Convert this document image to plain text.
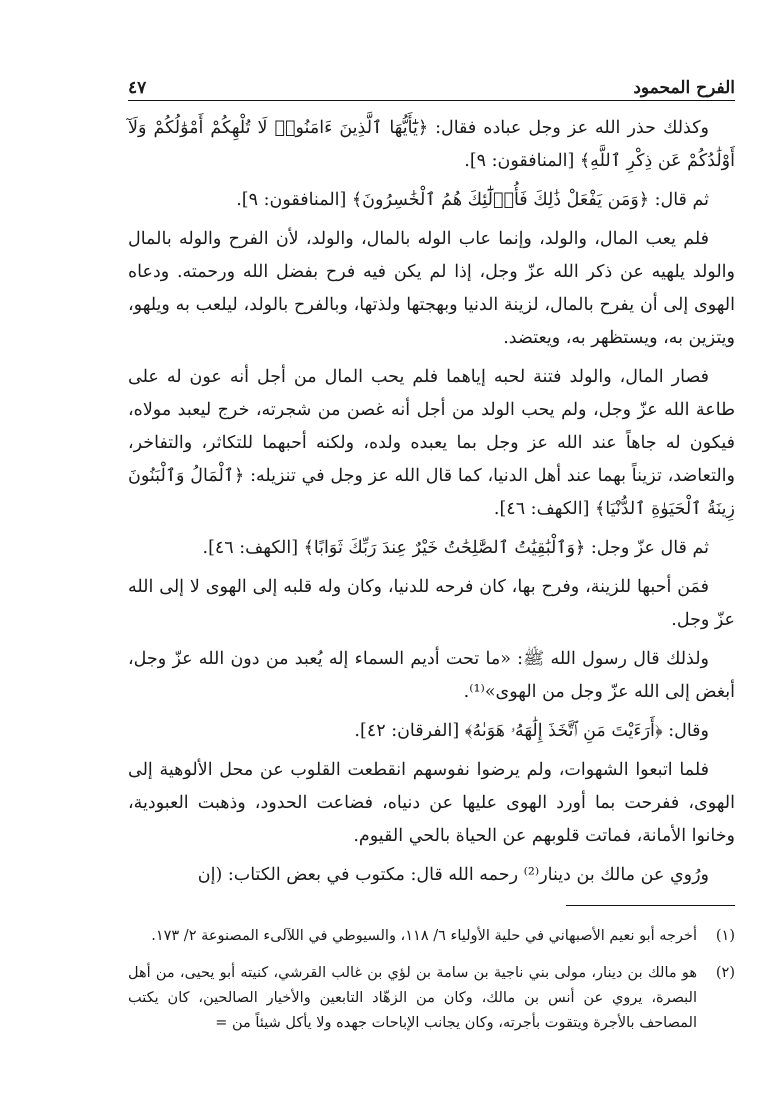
الفرح المحمود
٤٧

وكذلك حذر الله عز وجل عباده فقال: ﴿يَٰٓأَيُّهَا ٱلَّذِينَ ءَامَنُوا۟ لَا تُلْهِكُمْ أَمْوَٰلُكُمْ وَلَآ أَوْلَٰدُكُمْ عَن ذِكْرِ ٱللَّهِ﴾ [المنافقون: ٩].

ثم قال: ﴿وَمَن يَفْعَلْ ذَٰلِكَ فَأُو۟لَٰٓئِكَ هُمُ ٱلْخَٰسِرُونَ﴾ [المنافقون: ٩].

فلم يعب المال، والولد، وإنما عاب الوله بالمال، والولد، لأن الفرح والوله بالمال والولد يلهيه عن ذكر الله عزّ وجل، إذا لم يكن فيه فرح بفضل الله ورحمته. ودعاه الهوى إلى أن يفرح بالمال، لزينة الدنيا وبهجتها ولذتها، وبالفرح بالولد، ليلعب به ويلهو، ويتزين به، ويستظهر به، ويعتضد.

فصار المال، والولد فتنة لحبه إياهما فلم يحب المال من أجل أنه عون له على طاعة الله عزّ وجل، ولم يحب الولد من أجل أنه غصن من شجرته، خرج ليعبد مولاه، فيكون له جاهاً عند الله عز وجل بما يعبده ولده، ولكنه أحبهما للتكاثر، والتفاخر، والتعاضد، تزيناً بهما عند أهل الدنيا، كما قال الله عز وجل في تنزيله: ﴿ٱلْمَالُ وَٱلْبَنُونَ زِينَةُ ٱلْحَيَوٰةِ ٱلدُّنْيَا﴾ [الكهف: ٤٦].

ثم قال عزّ وجل: ﴿وَٱلْبَٰقِيَٰتُ ٱلصَّٰلِحَٰتُ خَيْرٌ عِندَ رَبِّكَ ثَوَابًا﴾ [الكهف: ٤٦].

فمَن أحبها للزينة، وفرح بها، كان فرحه للدنيا، وكان وله قلبه إلى الهوى لا إلى الله عزّ وجل.

ولذلك قال رسول الله ﷺ: «ما تحت أديم السماء إله يُعبد من دون الله عزّ وجل، أبغض إلى الله عزّ وجل من الهوى»⁽¹⁾.

وقال: ﴿أَرَءَيْتَ مَنِ ٱتَّخَذَ إِلَٰهَهُۥ هَوَىٰهُ﴾ [الفرقان: ٤٢].

فلما اتبعوا الشهوات، ولم يرضوا نفوسهم انقطعت القلوب عن محل الألوهية إلى الهوى، ففرحت بما أورد الهوى عليها عن دنياه، فضاعت الحدود، وذهبت العبودية، وخانوا الأمانة، فماتت قلوبهم عن الحياة بالحي القيوم.

ورُوي عن مالك بن دينار⁽²⁾ رحمه الله قال: مكتوب في بعض الكتاب: (إن

(١)
أخرجه أبو نعيم الأصبهاني في حلية الأولياء ٦/ ١١٨، والسيوطي في اللآلىء المصنوعة ٢/ ١٧٣.
(٢)
هو مالك بن دينار، مولى بني ناجية بن سامة بن لؤي بن غالب القرشي، كنيته أبو يحيى، من أهل البصرة، يروي عن أنس بن مالك، وكان من الزهّاد التابعين والأخيار الصالحين، كان يكتب المصاحف بالأجرة ويتقوت بأجرته، وكان يجانب الإباحات جهده ولا يأكل شيئاً من =
